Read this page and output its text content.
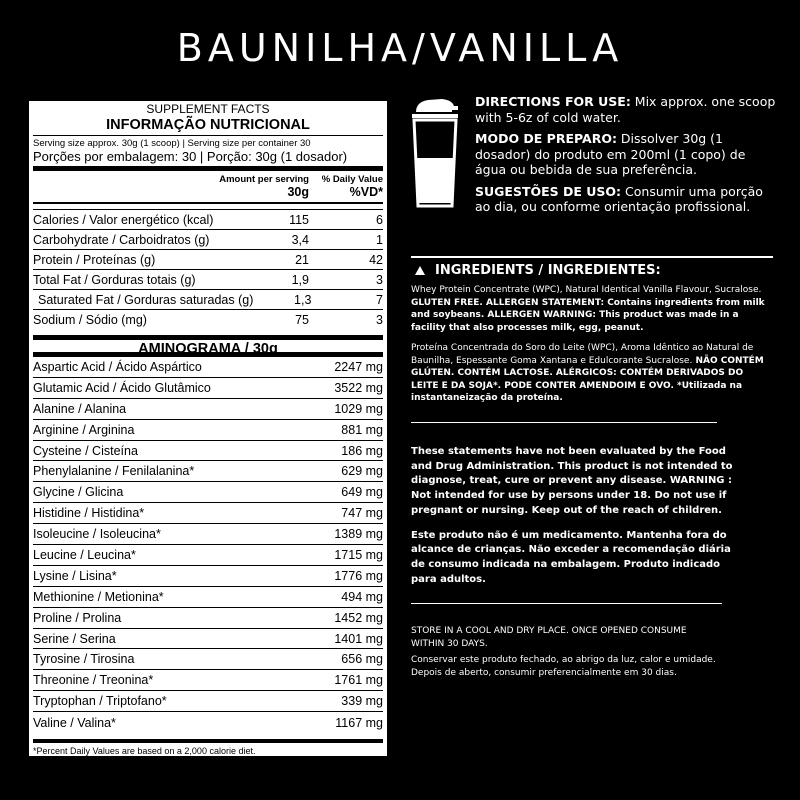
BAUNILHA/VANILLA
SUPPLEMENT FACTS
INFORMAÇÃO NUTRICIONAL
Serving size approx. 30g (1 scoop) | Serving size per container 30
Porções por embalagem: 30 | Porção: 30g (1 dosador)
Amount per serving
30g
% Daily Value
%VD*
Calories / Valor energético (kcal)	115	6
Carbohydrate / Carboidratos (g)	3,4	1
Protein / Proteínas (g)	21	42
Total Fat / Gorduras totais (g)	1,9	3
Saturated Fat / Gorduras saturadas (g)	1,3	7
Sodium / Sódio (mg)	75	3
AMINOGRAMA / 30g
Aspartic Acid / Ácido Aspártico	2247 mg
Glutamic Acid / Ácido Glutâmico	3522 mg
Alanine / Alanina	1029 mg
Arginine / Arginina	881 mg
Cysteine / Cisteína	186 mg
Phenylalanine / Fenilalanina*	629 mg
Glycine / Glicina	649 mg
Histidine / Histidina*	747 mg
Isoleucine / Isoleucina*	1389 mg
Leucine / Leucina*	1715 mg
Lysine / Lisina*	1776 mg
Methionine / Metionina*	494 mg
Proline / Prolina	1452 mg
Serine / Serina	1401 mg
Tyrosine / Tirosina	656 mg
Threonine / Treonina*	1761 mg
Tryptophan / Triptofano*	339 mg
Valine / Valina*	1167 mg
*Percent Daily Values are based on a 2,000 calorie diet.
** Daily Value not established.
*Percentual de valores diários fornecidos pela porção.
Não contém quantidades significativas de gorduras trans e fibras alimentares.

DIRECTIONS FOR USE: Mix approx. one scoop with 5-6z of cold water.

MODO DE PREPARO: Dissolver 30g (1 dosador) do produto em 200ml (1 copo) de água ou bebida de sua preferência.

SUGESTÕES DE USO: Consumir uma porção ao dia, ou conforme orientação profissional.

INGREDIENTS / INGREDIENTES:

Whey Protein Concentrate (WPC), Natural Identical Vanilla Flavour, Sucralose. GLUTEN FREE. ALLERGEN STATEMENT: Contains ingredients from milk and soybeans. ALLERGEN WARNING: This product was made in a facility that also processes milk, egg, peanut.

Proteína Concentrada do Soro do Leite (WPC), Aroma Idêntico ao Natural de Baunilha, Espessante Goma Xantana e Edulcorante Sucralose. NÃO CONTÉM GLÚTEN. CONTÉM LACTOSE. ALÉRGICOS: CONTÉM DERIVADOS DO LEITE E DA SOJA*. PODE CONTER AMENDOIM E OVO. *Utilizada na instantaneização da proteína.

These statements have not been evaluated by the Food and Drug Administration. This product is not intended to diagnose, treat, cure or prevent any disease. WARNING : Not intended for use by persons under 18. Do not use if pregnant or nursing. Keep out of the reach of children.

Este produto não é um medicamento. Mantenha fora do alcance de crianças. Não exceder a recomendação diária de consumo indicada na embalagem. Produto indicado para adultos.

STORE IN A COOL AND DRY PLACE. ONCE OPENED CONSUME WITHIN 30 DAYS.

Conservar este produto fechado, ao abrigo da luz, calor e umidade. Depois de aberto, consumir preferencialmente em 30 dias.
